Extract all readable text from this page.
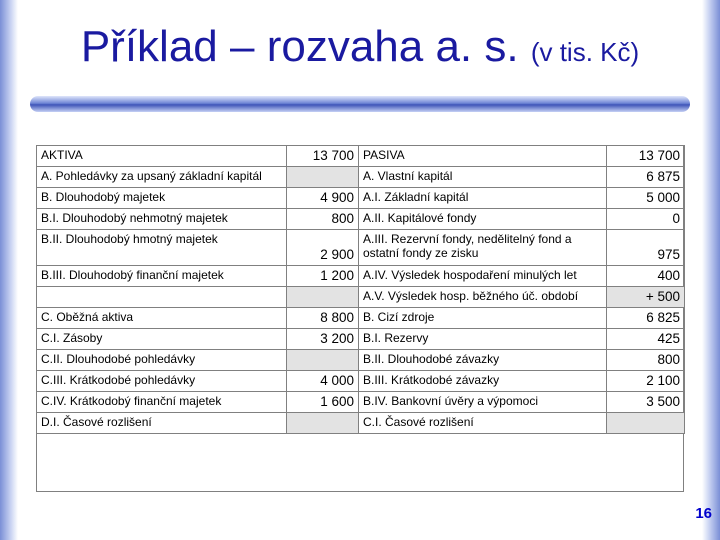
Příklad – rozvaha a. s. (v tis. Kč)
AKTIVA	13 700	PASIVA	13 700
A. Pohledávky za upsaný základní kapitál		A. Vlastní kapitál	6 875
B. Dlouhodobý majetek	4 900	A.I. Základní kapitál	5 000
B.I. Dlouhodobý nehmotný majetek	800	A.II. Kapitálové fondy	0
B.II. Dlouhodobý hmotný majetek	2 900	A.III. Rezervní fondy, nedělitelný fond a ostatní fondy ze zisku	975
B.III. Dlouhodobý finanční majetek	1 200	A.IV. Výsledek hospodaření minulých let	400
		A.V. Výsledek hosp. běžného úč. období	+ 500
C. Oběžná aktiva	8 800	B. Cizí zdroje	6 825
C.I. Zásoby	3 200	B.I. Rezervy	425
C.II. Dlouhodobé pohledávky		B.II. Dlouhodobé závazky	800
C.III. Krátkodobé pohledávky	4 000	B.III. Krátkodobé závazky	2 100
C.IV. Krátkodobý finanční majetek	1 600	B.IV. Bankovní úvěry a výpomoci	3 500
D.I. Časové rozlišení		C.I. Časové rozlišení	
16
